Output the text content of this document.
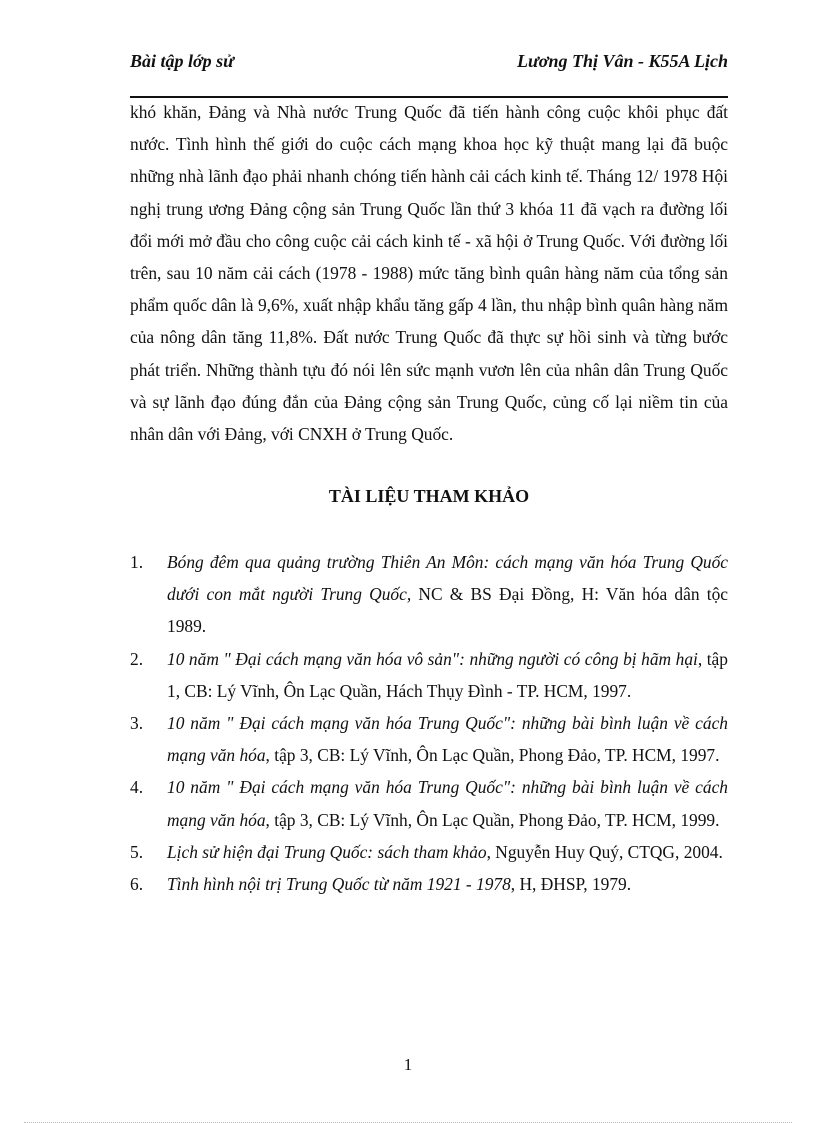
Bài tập lớp sử	Lương Thị Vân - K55A Lịch

khó khăn, Đảng và Nhà nước Trung Quốc đã tiến hành công cuộc khôi phục đất nước. Tình hình thế giới do cuộc cách mạng khoa học kỹ thuật mang lại đã buộc những nhà lãnh đạo phải nhanh chóng tiến hành cải cách kinh tế. Tháng 12/ 1978 Hội nghị trung ương Đảng cộng sản Trung Quốc lần thứ 3 khóa 11 đã vạch ra đường lối đổi mới mở đầu cho công cuộc cải cách kinh tế - xã hội ở Trung Quốc. Với đường lối trên, sau 10 năm cải cách (1978 - 1988) mức tăng bình quân hàng năm của tổng sản phẩm quốc dân là 9,6%, xuất nhập khẩu tăng gấp 4 lần, thu nhập bình quân hàng năm của nông dân tăng 11,8%. Đất nước Trung Quốc đã thực sự hồi sinh và từng bước phát triển. Những thành tựu đó nói lên sức mạnh vươn lên của nhân dân Trung Quốc và sự lãnh đạo đúng đắn của Đảng cộng sản Trung Quốc, củng cố lại niềm tin của nhân dân với Đảng, với CNXH ở Trung Quốc.

TÀI LIỆU THAM KHẢO
1. Bóng đêm qua quảng trường Thiên An Môn: cách mạng văn hóa Trung Quốc dưới con mắt người Trung Quốc, NC & BS Đại Đồng, H: Văn hóa dân tộc 1989.
2. 10 năm " Đại cách mạng văn hóa vô sản": những người có công bị hãm hại, tập 1, CB: Lý Vĩnh, Ôn Lạc Quần, Hách Thụy Đình - TP. HCM, 1997.
3. 10 năm " Đại cách mạng văn hóa Trung Quốc": những bài bình luận về cách mạng văn hóa, tập 3, CB: Lý Vĩnh, Ôn Lạc Quần, Phong Đảo, TP. HCM, 1997.
4. 10 năm " Đại cách mạng văn hóa Trung Quốc": những bài bình luận về cách mạng văn hóa, tập 3, CB: Lý Vĩnh, Ôn Lạc Quần, Phong Đảo, TP. HCM, 1999.
5. Lịch sử hiện đại Trung Quốc: sách tham khảo, Nguyễn Huy Quý, CTQG, 2004.
6. Tình hình nội trị Trung Quốc từ năm 1921 - 1978, H, ĐHSP, 1979.
1
